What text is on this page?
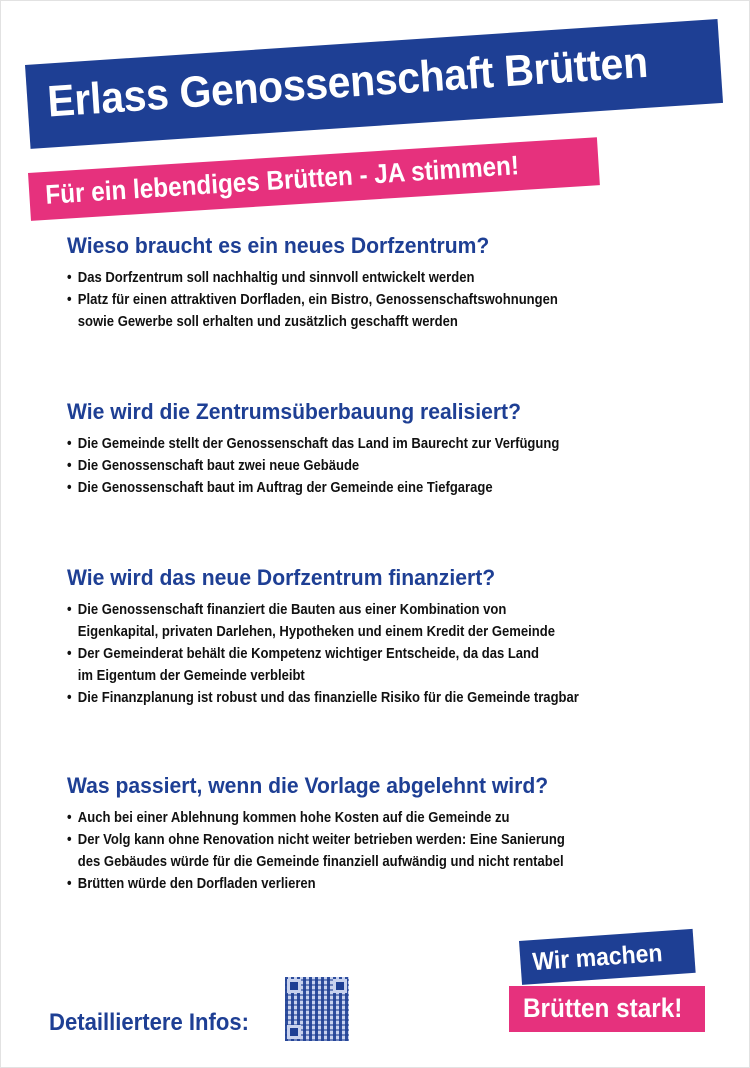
Erlass Genossenschaft Brütten
Für ein lebendiges Brütten - JA stimmen!
Wieso braucht es ein neues Dorfzentrum?
• Das Dorfzentrum soll nachhaltig und sinnvoll entwickelt werden
• Platz für einen attraktiven Dorfladen, ein Bistro, Genossenschaftswohnungen
sowie Gewerbe soll erhalten und zusätzlich geschafft werden
Wie wird die Zentrumsüberbauung realisiert?
• Die Gemeinde stellt der Genossenschaft das Land im Baurecht zur Verfügung
• Die Genossenschaft baut zwei neue Gebäude
• Die Genossenschaft baut im Auftrag der Gemeinde eine Tiefgarage
Wie wird das neue Dorfzentrum finanziert?
• Die Genossenschaft finanziert die Bauten aus einer Kombination von
Eigenkapital, privaten Darlehen, Hypotheken und einem Kredit der Gemeinde
• Der Gemeinderat behält die Kompetenz wichtiger Entscheide, da das Land
im Eigentum der Gemeinde verbleibt
• Die Finanzplanung ist robust und das finanzielle Risiko für die Gemeinde tragbar
Was passiert, wenn die Vorlage abgelehnt wird?
• Auch bei einer Ablehnung kommen hohe Kosten auf die Gemeinde zu
• Der Volg kann ohne Renovation nicht weiter betrieben werden: Eine Sanierung
des Gebäudes würde für die Gemeinde finanziell aufwändig und nicht rentabel
• Brütten würde den Dorfladen verlieren
Detailliertere Infos:
Wir machen
Brütten stark!
